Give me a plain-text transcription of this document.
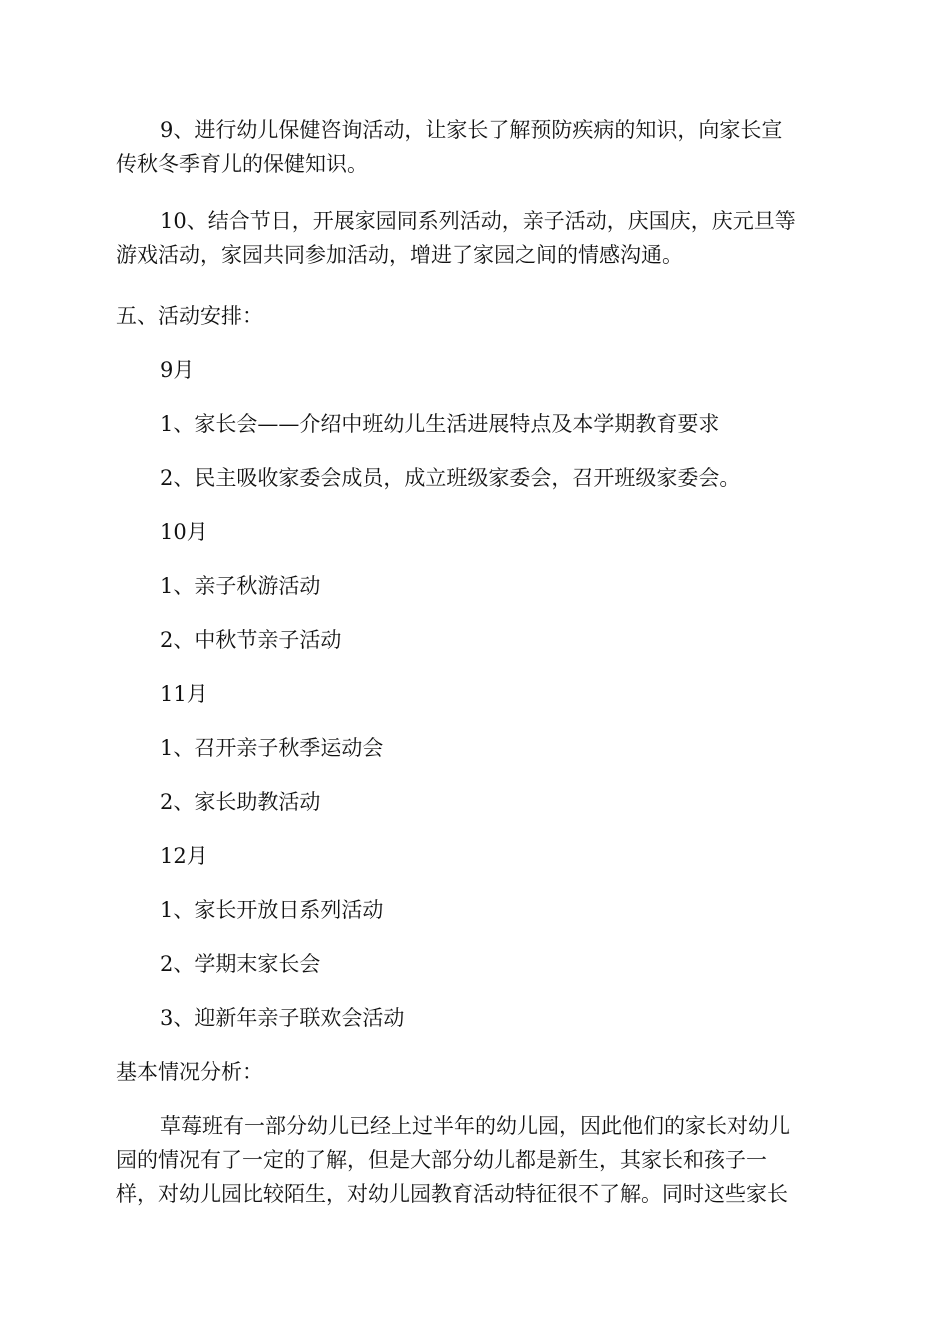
9、进行幼儿保健咨询活动，让家长了解预防疾病的知识，向家长宣
传秋冬季育儿的保健知识。

10、结合节日，开展家园同系列活动，亲子活动，庆国庆，庆元旦等
游戏活动，家园共同参加活动，增进了家园之间的情感沟通。

五、活动安排：

9月

1、家长会——介绍中班幼儿生活进展特点及本学期教育要求

2、民主吸收家委会成员，成立班级家委会，召开班级家委会。

10月

1、亲子秋游活动

2、中秋节亲子活动

11月

1、召开亲子秋季运动会

2、家长助教活动

12月

1、家长开放日系列活动

2、学期末家长会

3、迎新年亲子联欢会活动

基本情况分析：

草莓班有一部分幼儿已经上过半年的幼儿园，因此他们的家长对幼儿
园的情况有了一定的了解，但是大部分幼儿都是新生，其家长和孩子一
样，对幼儿园比较陌生，对幼儿园教育活动特征很不了解。同时这些家长
